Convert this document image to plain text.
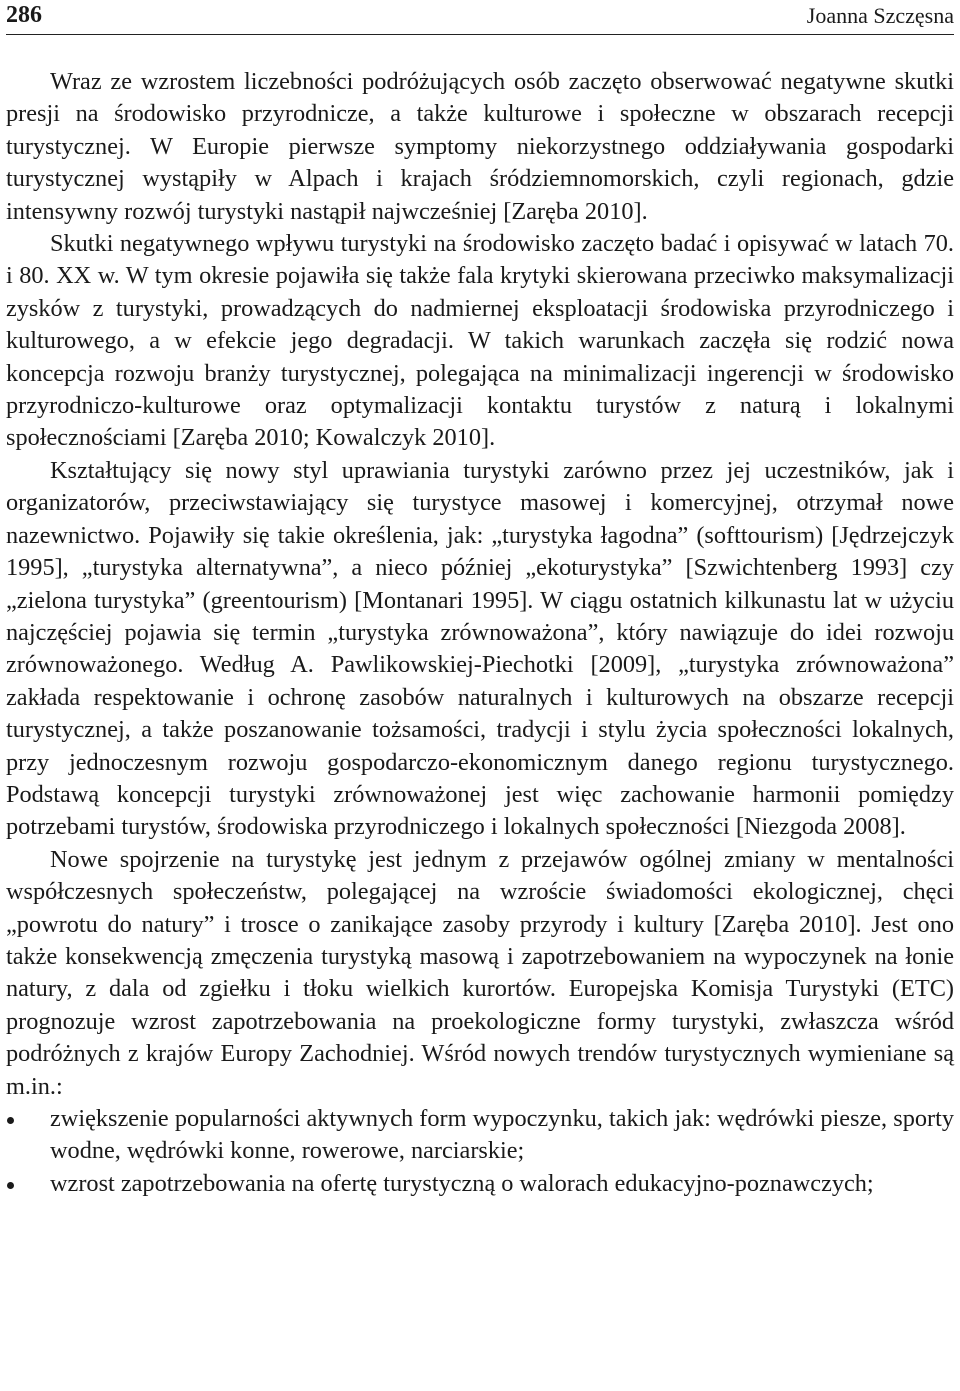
286	Joanna Szczęsna

Wraz ze wzrostem liczebności podróżujących osób zaczęto obserwować negatywne skutki presji na środowisko przyrodnicze, a także kulturowe i społeczne w obszarach recepcji turystycznej. W Europie pierwsze symptomy niekorzystnego oddziaływania gospodarki turystycznej wystąpiły w Alpach i krajach śródziemnomorskich, czyli regionach, gdzie intensywny rozwój turystyki nastąpił najwcześniej [Zaręba 2010].

Skutki negatywnego wpływu turystyki na środowisko zaczęto badać i opisywać w latach 70. i 80. XX w. W tym okresie pojawiła się także fala krytyki skierowana przeciwko maksymalizacji zysków z turystyki, prowadzących do nadmiernej eksploatacji środowiska przyrodniczego i kulturowego, a w efekcie jego degradacji. W takich warunkach zaczęła się rodzić nowa koncepcja rozwoju branży turystycznej, polegająca na minimalizacji ingerencji w środowisko przyrodniczo-kulturowe oraz optymalizacji kontaktu turystów z naturą i lokalnymi społecznościami [Zaręba 2010; Kowalczyk 2010].

Kształtujący się nowy styl uprawiania turystyki zarówno przez jej uczestników, jak i organizatorów, przeciwstawiający się turystyce masowej i komercyjnej, otrzymał nowe nazewnictwo. Pojawiły się takie określenia, jak: „turystyka łagodna” (softtourism) [Jędrzejczyk 1995], „turystyka alternatywna”, a nieco później „ekoturystyka” [Szwichtenberg 1993] czy „zielona turystyka” (greentourism) [Montanari 1995]. W ciągu ostatnich kilkunastu lat w użyciu najczęściej pojawia się termin „turystyka zrównoważona”, który nawiązuje do idei rozwoju zrównoważonego. Według A. Pawlikowskiej-Piechotki [2009], „turystyka zrównoważona” zakłada respektowanie i ochronę zasobów naturalnych i kulturowych na obszarze recepcji turystycznej, a także poszanowanie tożsamości, tradycji i stylu życia społeczności lokalnych, przy jednoczesnym rozwoju gospodarczo-ekonomicznym danego regionu turystycznego. Podstawą koncepcji turystyki zrównoważonej jest więc zachowanie harmonii pomiędzy potrzebami turystów, środowiska przyrodniczego i lokalnych społeczności [Niezgoda 2008].

Nowe spojrzenie na turystykę jest jednym z przejawów ogólnej zmiany w mentalności współczesnych społeczeństw, polegającej na wzroście świadomości ekologicznej, chęci „powrotu do natury” i trosce o zanikające zasoby przyrody i kultury [Zaręba 2010]. Jest ono także konsekwencją zmęczenia turystyką masową i zapotrzebowaniem na wypoczynek na łonie natury, z dala od zgiełku i tłoku wielkich kurortów. Europejska Komisja Turystyki (ETC) prognozuje wzrost zapotrzebowania na proekologiczne formy turystyki, zwłaszcza wśród podróżnych z krajów Europy Zachodniej. Wśród nowych trendów turystycznych wymieniane są m.in.:

zwiększenie popularności aktywnych form wypoczynku, takich jak: wędrówki piesze, sporty wodne, wędrówki konne, rowerowe, narciarskie;
wzrost zapotrzebowania na ofertę turystyczną o walorach edukacyjno-poznawczych;
